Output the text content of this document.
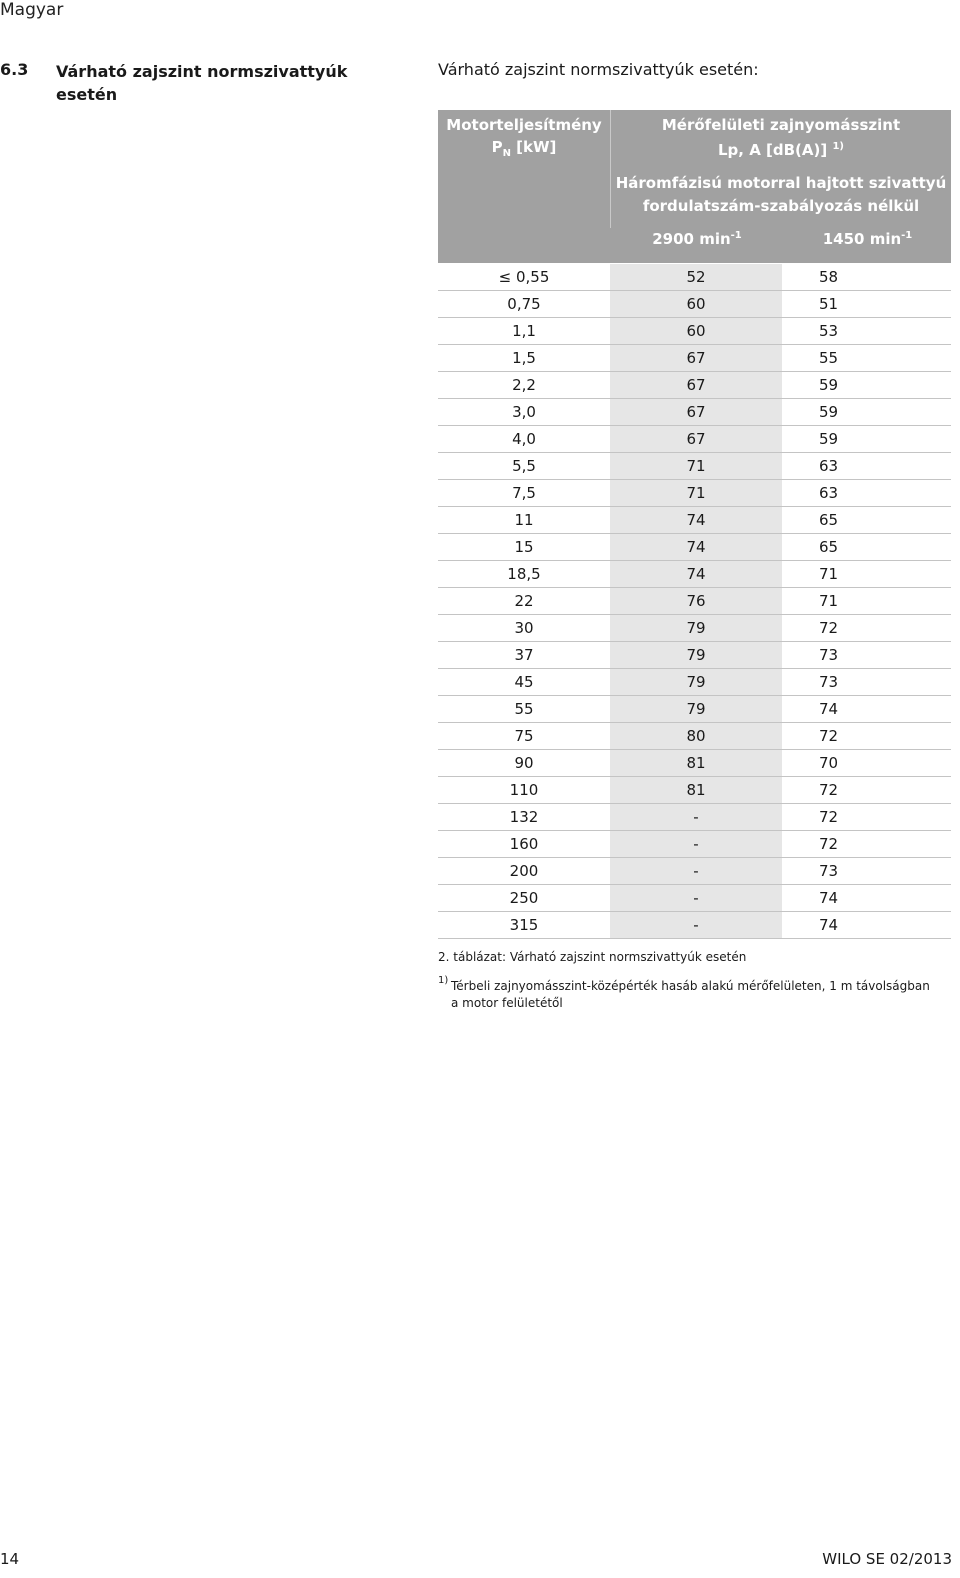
Magyar
6.3 Várható zajszint normszivattyúk esetén
Várható zajszint normszivattyúk esetén:
Motorteljesítmény
$P_N$ [kW]
Mérőfelületi zajnyomásszint
Lp, A [dB(A)] $^{1)}$
Háromfázisú motorral hajtott szivattyú
fordulatszám-szabályozás nélkül
2900 $\min^{-1}$	1450 $\min^{-1}$
≤ 0,55	52	58
0,75	60	51
1,1	60	53
1,5	67	55
2,2	67	59
3,0	67	59
4,0	67	59
5,5	71	63
7,5	71	63
11	74	65
15	74	65
18,5	74	71
22	76	71
30	79	72
37	79	73
45	79	73
55	79	74
75	80	72
90	81	70
110	81	72
132	-	72
160	-	72
200	-	73
250	-	74
315	-	74
2. táblázat: Várható zajszint normszivattyúk esetén
1) Térbeli zajnyomásszint-középérték hasáb alakú mérőfelületen, 1 m távolságban a motor felületétől
14	WILO SE 02/2013
